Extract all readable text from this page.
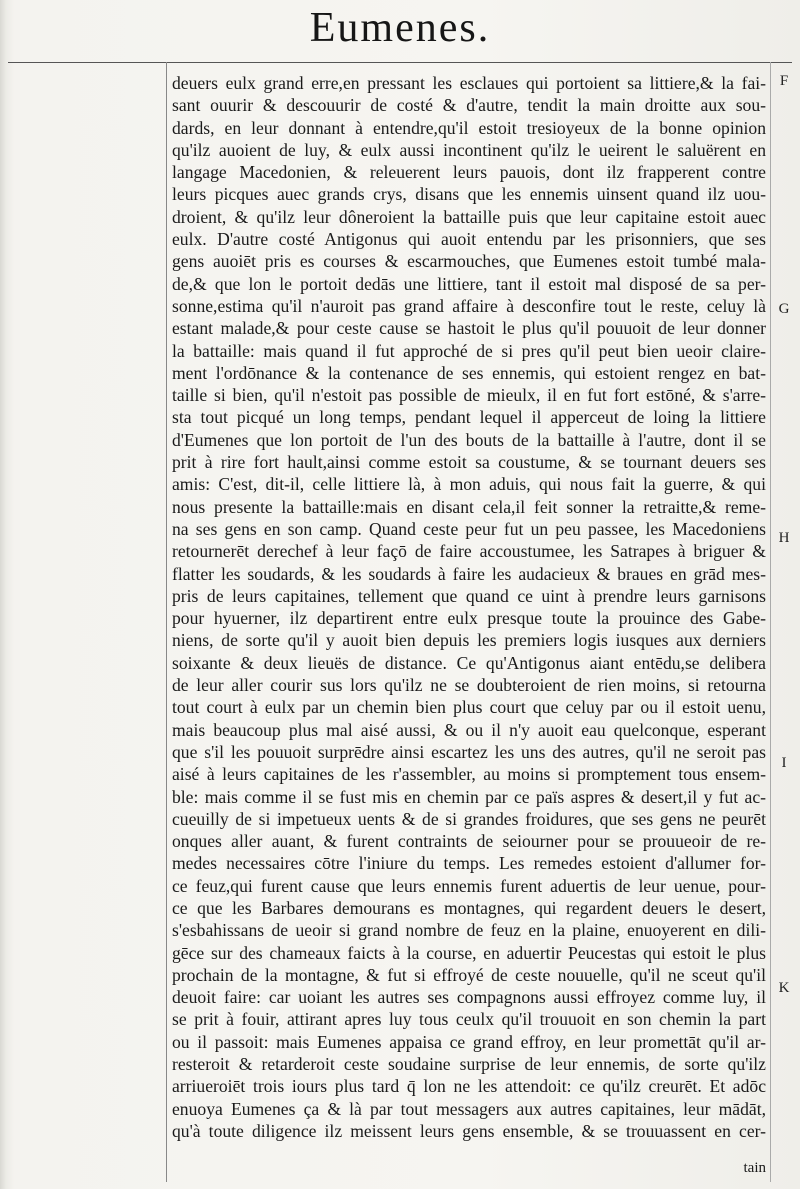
Eumenes.
deuers eulx grand erre,en pressant les esclaues qui portoient sa littiere,& la fai-
sant ouurir & descouurir de costé & d'autre, tendit la main droitte aux sou-
dards, en leur donnant à entendre,qu'il estoit tresioyeux de la bonne opinion
qu'ilz auoient de luy, & eulx aussi incontinent qu'ilz le ueirent le saluërent en
langage Macedonien, & releuerent leurs pauois, dont ilz frapperent contre
leurs picques auec grands crys, disans que les ennemis uinsent quand ilz uou-
droient, & qu'ilz leur dôneroient la battaille puis que leur capitaine estoit auec
eulx. D'autre costé Antigonus qui auoit entendu par les prisonniers, que ses
gens auoiēt pris es courses & escarmouches, que Eumenes estoit tumbé mala-
de,& que lon le portoit dedās une littiere, tant il estoit mal disposé de sa per-
sonne,estima qu'il n'auroit pas grand affaire à desconfire tout le reste, celuy là
estant malade,& pour ceste cause se hastoit le plus qu'il pouuoit de leur donner
la battaille: mais quand il fut approché de si pres qu'il peut bien ueoir claire-
ment l'ordōnance & la contenance de ses ennemis, qui estoient rengez en bat-
taille si bien, qu'il n'estoit pas possible de mieulx, il en fut fort estōné, & s'arre-
sta tout picqué un long temps, pendant lequel il apperceut de loing la littiere
d'Eumenes que lon portoit de l'un des bouts de la battaille à l'autre, dont il se
prit à rire fort hault,ainsi comme estoit sa coustume, & se tournant deuers ses
amis: C'est, dit-il, celle littiere là, à mon aduis, qui nous fait la guerre, & qui
nous presente la battaille:mais en disant cela,il feit sonner la retraitte,& reme-
na ses gens en son camp. Quand ceste peur fut un peu passee, les Macedoniens
retournerēt derechef à leur façō de faire accoustumee, les Satrapes à briguer &
flatter les soudards, & les soudards à faire les audacieux & braues en grād mes-
pris de leurs capitaines, tellement que quand ce uint à prendre leurs garnisons
pour hyuerner, ilz departirent entre eulx presque toute la prouince des Gabe-
niens, de sorte qu'il y auoit bien depuis les premiers logis iusques aux derniers
soixante & deux lieuës de distance. Ce qu'Antigonus aiant entēdu,se delibera
de leur aller courir sus lors qu'ilz ne se doubteroient de rien moins, si retourna
tout court à eulx par un chemin bien plus court que celuy par ou il estoit uenu,
mais beaucoup plus mal aisé aussi, & ou il n'y auoit eau quelconque, esperant
que s'il les pouuoit surprēdre ainsi escartez les uns des autres, qu'il ne seroit pas
aisé à leurs capitaines de les r'assembler, au moins si promptement tous ensem-
ble: mais comme il se fust mis en chemin par ce païs aspres & desert,il y fut ac-
cueuilly de si impetueux uents & de si grandes froidures, que ses gens ne peurēt
onques aller auant, & furent contraints de seiourner pour se prouueoir de re-
medes necessaires cōtre l'iniure du temps. Les remedes estoient d'allumer for-
ce feuz,qui furent cause que leurs ennemis furent aduertis de leur uenue, pour-
ce que les Barbares demourans es montagnes, qui regardent deuers le desert,
s'esbahissans de ueoir si grand nombre de feuz en la plaine, enuoyerent en dili-
gēce sur des chameaux faicts à la course, en aduertir Peucestas qui estoit le plus
prochain de la montagne, & fut si effroyé de ceste nouuelle, qu'il ne sceut qu'il
deuoit faire: car uoiant les autres ses compagnons aussi effroyez comme luy, il
se prit à fouir, attirant apres luy tous ceulx qu'il trouuoit en son chemin la part
ou il passoit: mais Eumenes appaisa ce grand effroy, en leur promettāt qu'il ar-
resteroit & retarderoit ceste soudaine surprise de leur ennemis, de sorte qu'ilz
arriueroiēt trois iours plus tard q̄ lon ne les attendoit: ce qu'ilz creurēt. Et adōc
enuoya Eumenes ça & là par tout messagers aux autres capitaines, leur mādāt,
qu'à toute diligence ilz meissent leurs gens ensemble, & se trouuassent en cer-
F
G
H
I
K
tain
